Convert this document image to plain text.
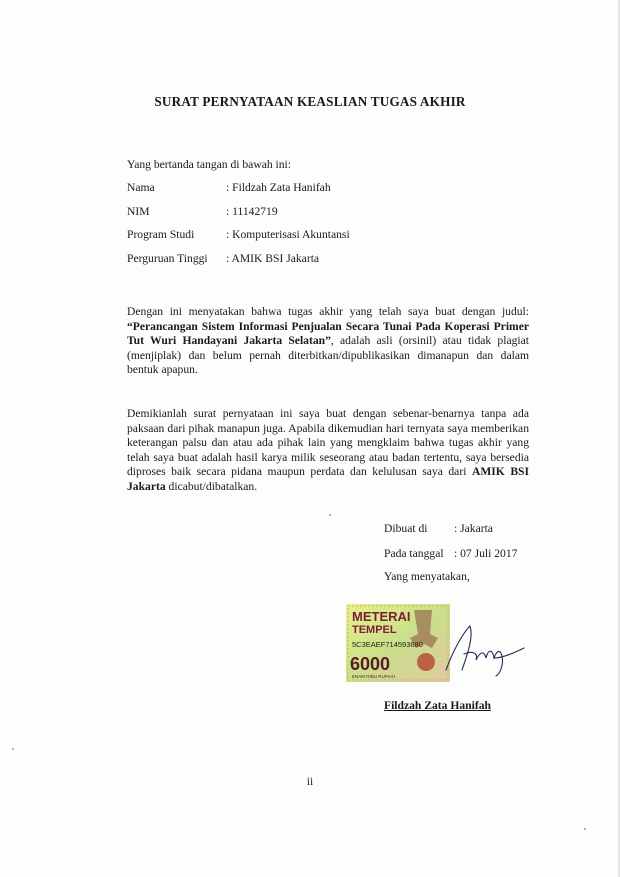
SURAT PERNYATAAN KEASLIAN TUGAS AKHIR
Yang bertanda tangan di bawah ini:
Nama	: Fildzah Zata Hanifah
NIM	: 11142719
Program Studi	: Komputerisasi Akuntansi
Perguruan Tinggi : AMIK BSI Jakarta
Dengan ini menyatakan bahwa tugas akhir yang telah saya buat dengan judul: “Perancangan Sistem Informasi Penjualan Secara Tunai Pada Koperasi Primer Tut Wuri Handayani Jakarta Selatan”, adalah asli (orsinil) atau tidak plagiat (menjiplak) dan belum pernah diterbitkan/dipublikasikan dimanapun dan dalam bentuk apapun.
Demikianlah surat pernyataan ini saya buat dengan sebenar-benarnya tanpa ada paksaan dari pihak manapun juga. Apabila dikemudian hari ternyata saya memberikan keterangan palsu dan atau ada pihak lain yang mengklaim bahwa tugas akhir yang telah saya buat adalah hasil karya milik seseorang atau badan tertentu, saya bersedia diproses baik secara pidana maupun perdata dan kelulusan saya dari AMIK BSI Jakarta dicabut/dibatalkan.
Dibuat di : Jakarta
Pada tanggal : 07 Juli 2017
Yang menyatakan,
METERAI
TEMPEL
5C3EAEF714593680
6000
ENAM RIBU RUPIAH
Fildzah Zata Hanifah
ii
